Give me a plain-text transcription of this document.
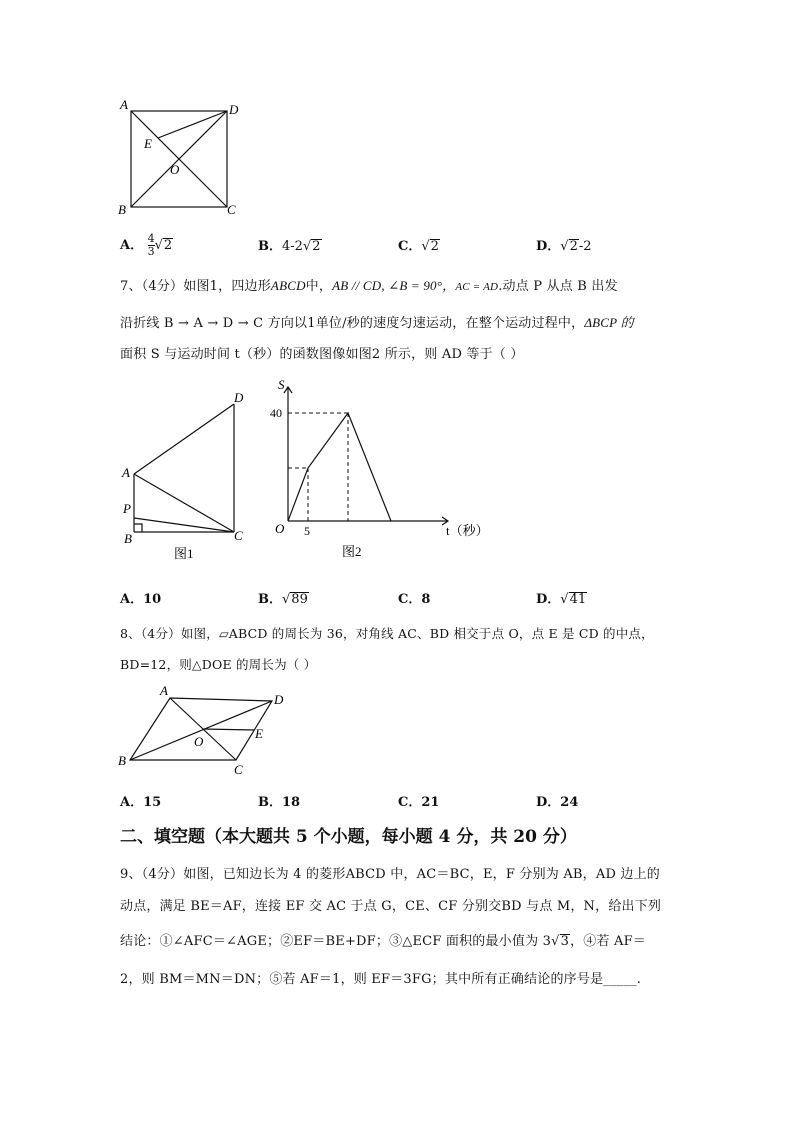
A	D
E
O
B	C
A． $\frac{4}{3} √2$	B．4-2√2	C．√2	D．√2-2
7、（4分）如图1，四边形ABCD中，AB // CD, ∠B = 90°，AC = AD.动点 P 从点 B 出发
沿折线 B → A → D → C 方向以1单位/秒的速度匀速运动，在整个运动过程中，ΔBCP 的
面积 S 与运动时间 t（秒）的函数图像如图2 所示，则 AD 等于（ ）
D
A
P
B	C
图1
S
40
O 5	t（秒）
图2
A．10	B．√89	C．8	D．√41
8、（4分）如图，▱ABCD 的周长为 36，对角线 AC、BD 相交于点 O，点 E 是 CD 的中点，
BD=12，则△DOE 的周长为（ ）
A
D
O
E
B
C
A．15	B．18	C．21	D．24
二、填空题（本大题共 5 个小题，每小题 4 分，共 20 分）
9、（4分）如图，已知边长为 4 的菱形ABCD 中，AC＝BC，E，F 分别为 AB，AD 边上的
动点，满足 BE＝AF，连接 EF 交 AC 于点 G，CE、CF 分别交BD 与点 M，N，给出下列
结论：①∠AFC＝∠AGE；②EF＝BE+DF；③△ECF 面积的最小值为 3√3，④若 AF＝
2，则 BM＝MN＝DN；⑤若 AF＝1，则 EF＝3FG；其中所有正确结论的序号是_____.
